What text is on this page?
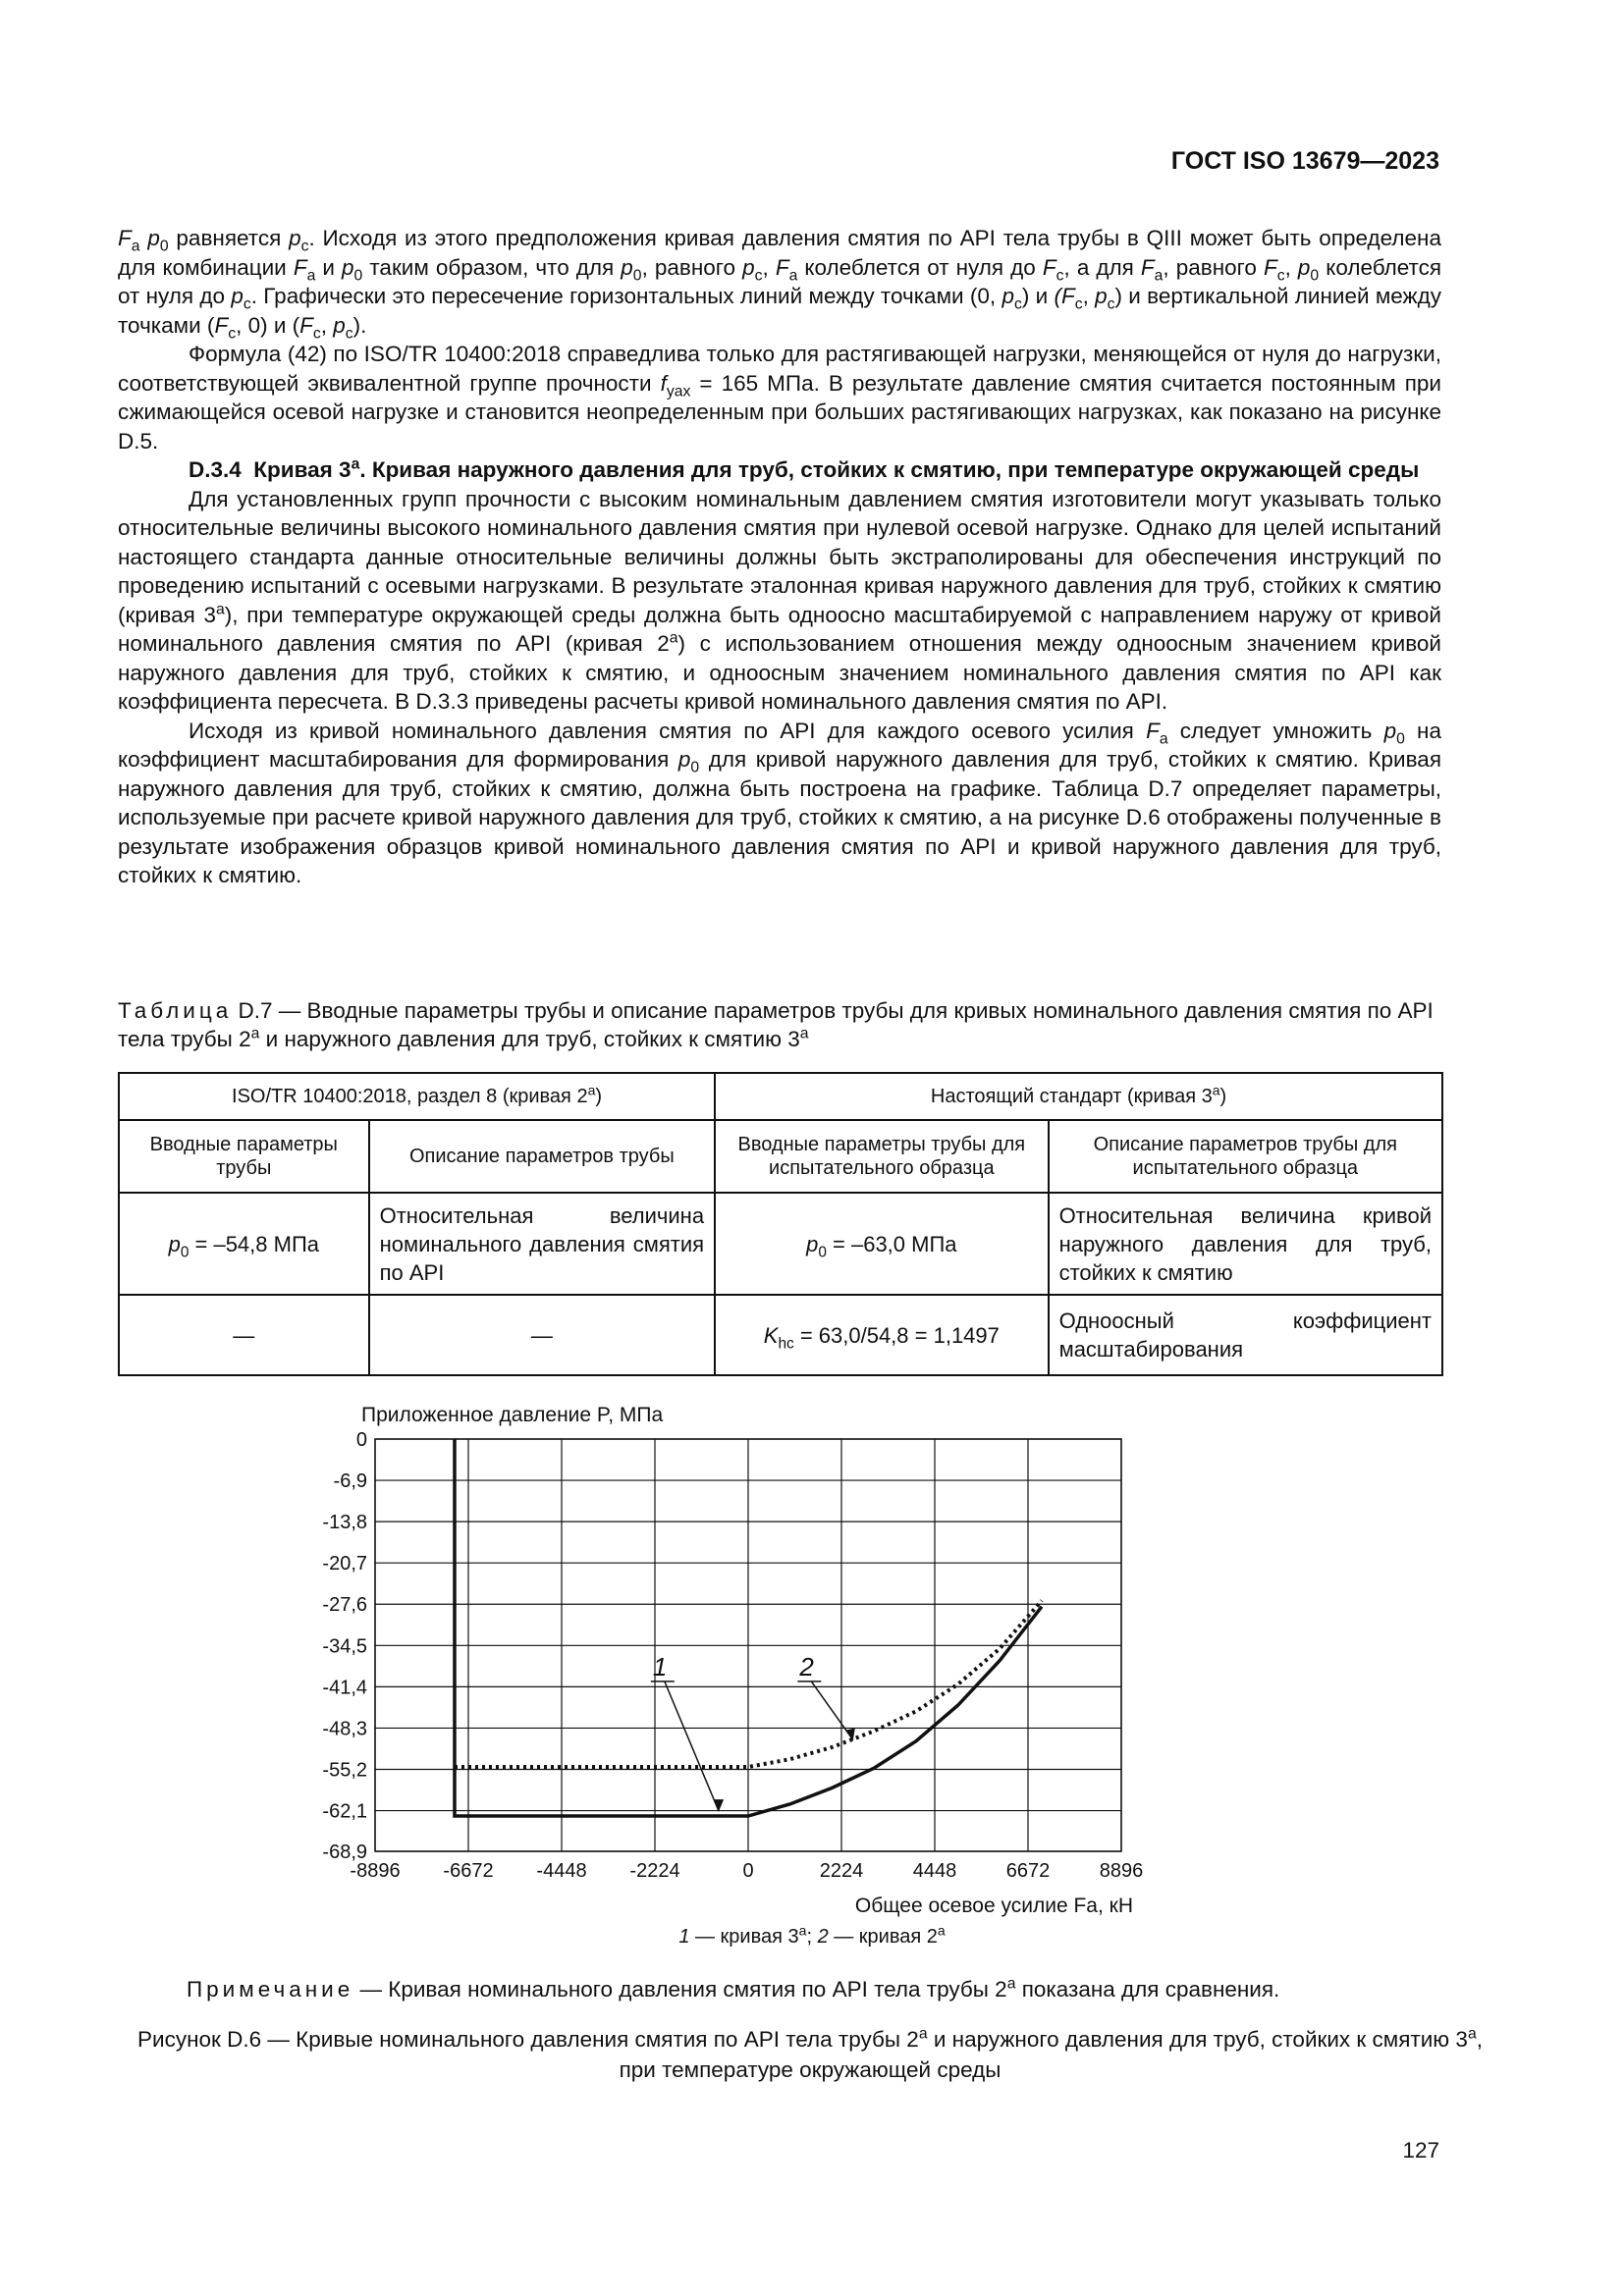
ГОСТ ISO 13679—2023

$F_a$ $p_0$ равняется $p_c$. Исходя из этого предположения кривая давления смятия по API тела трубы в QIII может быть определена для комбинации $F_a$ и $p_0$ таким образом, что для $p_0$, равного $p_c$, $F_a$ колеблется от нуля до $F_c$, а для $F_a$, равного $F_c$, $p_0$ колеблется от нуля до $p_c$. Графически это пересечение горизонтальных линий между точками (0, $p_c$) и ($F_c$, $p_c$) и вертикальной линией между точками ($F_c$, 0) и ($F_c$, $p_c$).

Формула (42) по ISO/TR 10400:2018 справедлива только для растягивающей нагрузки, меняющейся от нуля до нагрузки, соответствующей эквивалентной группе прочности $f_{yax} = 165$ МПа. В результате давление смятия считается постоянным при сжимающейся осевой нагрузке и становится неопределенным при больших растягивающих нагрузках, как показано на рисунке D.5.

D.3.4 Кривая 3$^a$. Кривая наружного давления для труб, стойких к смятию, при температуре окружающей среды

Для установленных групп прочности с высоким номинальным давлением смятия изготовители могут указывать только относительные величины высокого номинального давления смятия при нулевой осевой нагрузке. Однако для целей испытаний настоящего стандарта данные относительные величины должны быть экстраполированы для обеспечения инструкций по проведению испытаний с осевыми нагрузками. В результате эталонная кривая наружного давления для труб, стойких к смятию (кривая 3$^a$), при температуре окружающей среды должна быть одноосно масштабируемой с направлением наружу от кривой номинального давления смятия по API (кривая 2$^a$) с использованием отношения между одноосным значением кривой наружного давления для труб, стойких к смятию, и одноосным значением номинального давления смятия по API как коэффициента пересчета. В D.3.3 приведены расчеты кривой номинального давления смятия по API.

Исходя из кривой номинального давления смятия по API для каждого осевого усилия $F_a$ следует умножить $p_0$ на коэффициент масштабирования для формирования $p_0$ для кривой наружного давления для труб, стойких к смятию. Кривая наружного давления для труб, стойких к смятию, должна быть построена на графике. Таблица D.7 определяет параметры, используемые при расчете кривой наружного давления для труб, стойких к смятию, а на рисунке D.6 отображены полученные в результате изображения образцов кривой номинального давления смятия по API и кривой наружного давления для труб, стойких к смятию.

Таблица D.7 — Вводные параметры трубы и описание параметров трубы для кривых номинального давления смятия по API тела трубы 2$^a$ и наружного давления для труб, стойких к смятию 3$^a$
ISO/TR 10400:2018, раздел 8 (кривая 2$^a$)		Настоящий стандарт (кривая 3$^a$)	
Вводные параметры трубы	Описание параметров трубы	Вводные параметры трубы для испытательного образца	Описание параметров трубы для испытательного образца
$p_0 = -54,8$ МПа	Относительная величина номинального давления смятия по API	$p_0 = -63,0$ МПа	Относительная величина кривой наружного давления для труб, стойких к смятию
—	—	$K_{hc} = 63,0/54,8 = 1,1497$	Одноосный коэффициент масштабирования
-8896 -6672 -4448 -2224	0	2224	4448	6672	8896
0
-6,9
-13,8
-20,7
-27,6
-34,5
-41,4
-48,3
-55,2
-62,1
-68,9
Приложенное давление P, МПа
Общее осевое усилие Fa, кН
1	2
1 — кривая 3$^a$; 2 — кривая 2$^a$
Примечание — Кривая номинального давления смятия по API тела трубы 2$^a$ показана для сравнения.
Рисунок D.6 — Кривые номинального давления смятия по API тела трубы 2$^a$ и наружного давления для труб, стойких к смятию 3$^a$, при температуре окружающей среды
127
